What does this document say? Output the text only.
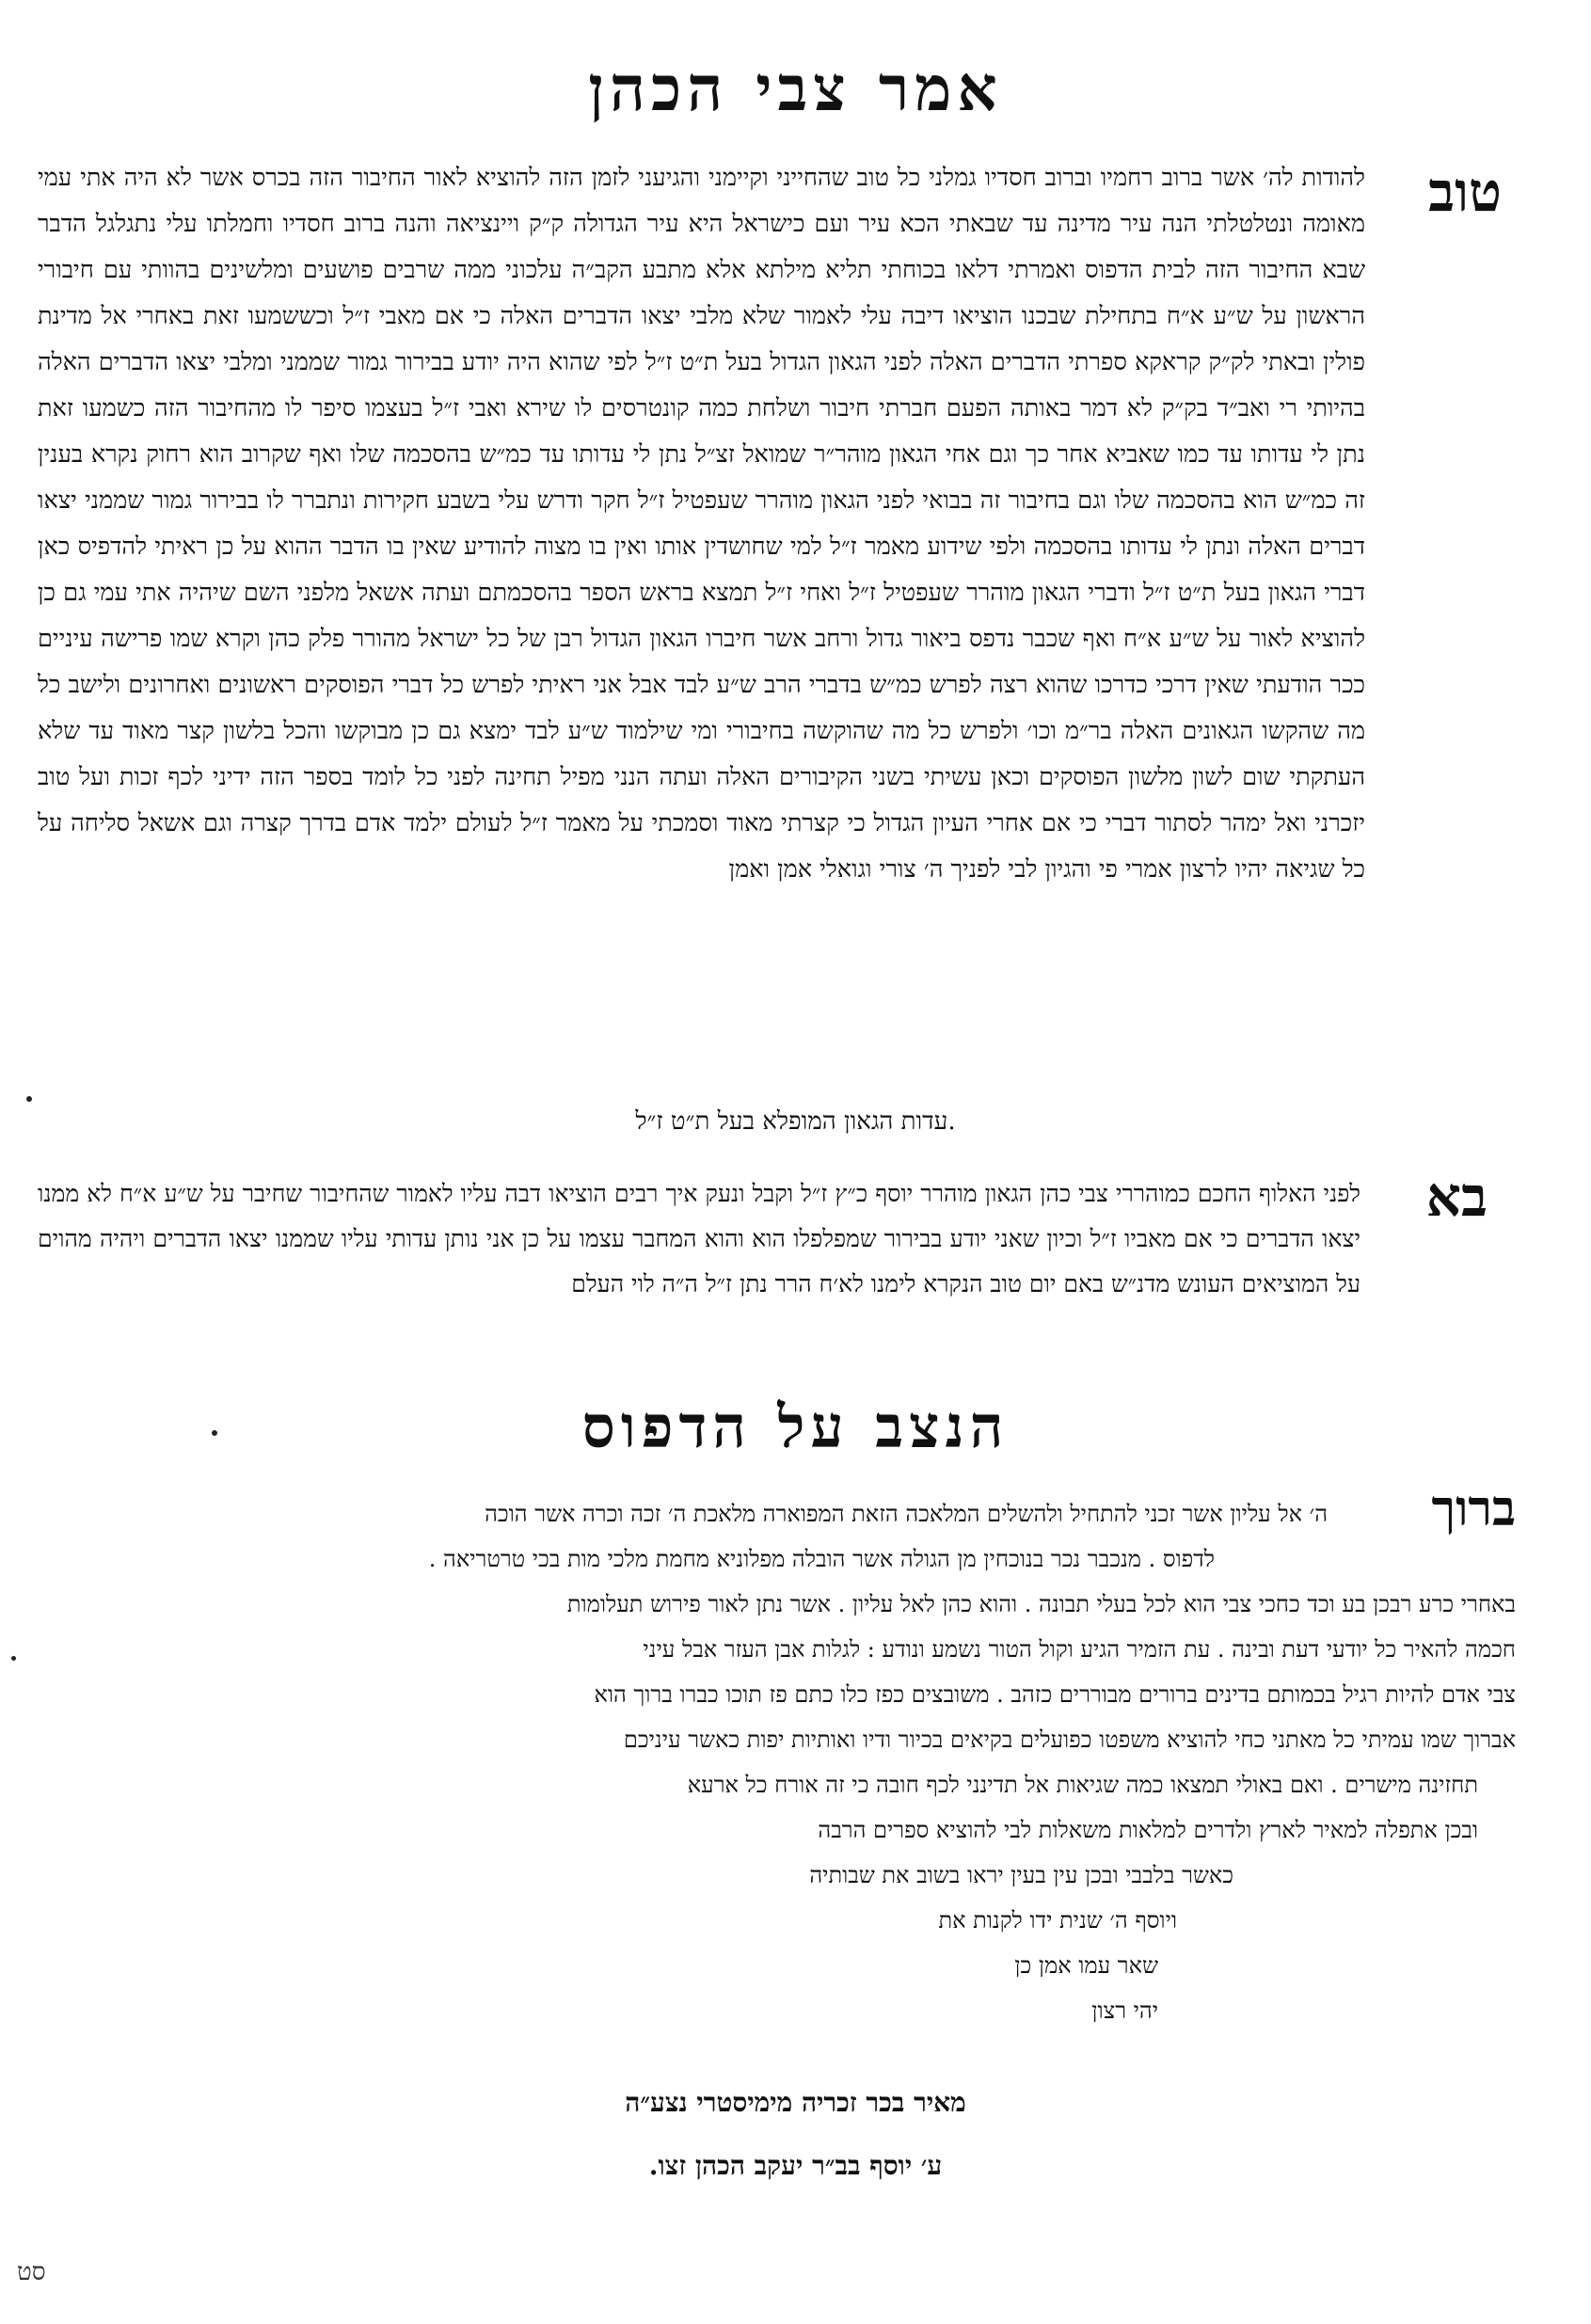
אמר צבי הכהן
טוב

להודות לה׳ אשר ברוב רחמיו וברוב חסדיו גמלני כל טוב שהחייני וקיימני והגיעני לזמן הזה להוציא לאור החיבור הזה בכרס אשר לא היה אתי עמי מאומה ונטלטלתי הנה עיר מדינה עד שבאתי הכא עיר ועם כישראל היא עיר הגדולה ק״ק ויינציאה והנה ברוב חסדיו וחמלתו עלי נתגלגל הדבר שבא החיבור הזה לבית הדפוס ואמרתי דלאו בכוחתי תליא מילתא אלא מתבע הקב״ה עלכוני ממה שרבים פושעים ומלשינים בהוותי עם חיבורי הראשון על ש״ע א״ח בתחילת שבכנו הוציאו דיבה עלי לאמור שלא מלבי יצאו הדברים האלה כי אם מאבי ז״ל וכששמעו זאת באחרי אל מדינת פולין ובאתי לק״ק קראקא ספרתי הדברים האלה לפני הגאון הגדול בעל ת״ט ז״ל לפי שהוא היה יודע בבירור גמור שממני ומלבי יצאו הדברים האלה בהיותי רי ואב״ד בק״ק לא דמר באותה הפעם חברתי חיבור ושלחת כמה קונטרסים לו שירא ואבי ז״ל בעצמו סיפר לו מהחיבור הזה כשמעו זאת נתן לי עדותו עד כמו שאביא אחר כך וגם אחי הגאון מוהר״ר שמואל זצ״ל נתן לי עדותו עד כמ״ש בהסכמה שלו ואף שקרוב הוא רחוק נקרא בענין זה כמ״ש הוא בהסכמה שלו וגם בחיבור זה בבואי לפני הגאון מוהרר שעפטיל ז״ל חקר ודרש עלי בשבע חקירות ונתברר לו בבירור גמור שממני יצאו דברים האלה ונתן לי עדותו בהסכמה ולפי שידוע מאמר ז״ל למי שחושדין אותו ואין בו מצוה להודיע שאין בו הדבר ההוא על כן ראיתי להדפיס כאן דברי הגאון בעל ת״ט ז״ל ודברי הגאון מוהרר שעפטיל ז״ל ואחי ז״ל תמצא בראש הספר בהסכמתם ועתה אשאל מלפני השם שיהיה אתי עמי גם כן להוציא לאור על ש״ע א״ח ואף שכבר נדפס ביאור גדול ורחב אשר חיברו הגאון הגדול רבן של כל ישראל מהורר פלק כהן וקרא שמו פרישה עיניים ככר הודעתי שאין דרכי כדרכו שהוא רצה לפרש כמ״ש בדברי הרב ש״ע לבד אבל אני ראיתי לפרש כל דברי הפוסקים ראשונים ואחרונים ולישב כל מה שהקשו הגאונים האלה בר״מ וכו׳ ולפרש כל מה שהוקשה בחיבורי ומי שילמוד ש״ע לבד ימצא גם כן מבוקשו והכל בלשון קצר מאוד עד שלא העתקתי שום לשון מלשון הפוסקים וכאן עשיתי בשני הקיבורים האלה ועתה הנני מפיל תחינה לפני כל לומד בספר הזה ידיני לכף זכות ועל טוב יזכרני ואל ימהר לסתור דברי כי אם אחרי העיון הגדול כי קצרתי מאוד וסמכתי על מאמר ז״ל לעולם ילמד אדם בדרך קצרה וגם אשאל סליחה על כל שגיאה יהיו לרצון אמרי פי והגיון לבי לפניך ה׳ צורי וגואלי אמן ואמן

עדות הגאון המופלא בעל ת״ט ז״ל.
בא

לפני האלוף החכם כמוהררי צבי כהן הגאון מוהרר יוסף כ״ץ ז״ל וקבל ונעק איך רבים הוציאו דבה עליו לאמור שהחיבור שחיבר על ש״ע א״ח לא ממנו יצאו הדברים כי אם מאביו ז״ל וכיון שאני יודע בבירור שמפלפלו הוא והוא המחבר עצמו על כן אני נותן עדותי עליו שממנו יצאו הדברים ויהיה מהוים על המוציאים העונש מדנ״ש באם יום טוב הנקרא לימנו לא׳ח הרר נתן ז״ל ה״ה לוי העלם

הנצב על הדפוס
ברוך
ה׳ אל עליון אשר זכני להתחיל ולהשלים המלאכה הזאת המפוארה מלאכת ה׳ זכה וכרה אשר הוכה
לדפוס . מנכבר נכר בנוכחין מן הגולה אשר הובלה מפלוניא מחמת מלכי מות בכי טרטריאה .
באחרי כרע רבכן בע וכד כחכי צבי הוא לכל בעלי תבונה . והוא כהן לאל עליון . אשר נתן לאור פירוש תעלומות
חכמה להאיר כל יודעי דעת ובינה . עת הזמיר הגיע וקול הטור נשמע ונודע : לגלות אבן העזר אבל עיני
צבי אדם להיות רגיל בכמותם בדינים ברורים מבוררים כזהב . משובצים כפז כלו כתם פז תוכו כברו ברוך הוא
אברוך שמו עמיתי כל מאתני כחי להוציא משפטו כפועלים בקיאים בכיור ודיו ואותיות יפות כאשר עיניכם
תחזינה מישרים . ואם באולי תמצאו כמה שגיאות אל תדינני לכף חובה כי זה אורח כל ארעא
ובכן אתפלה למאיר לארץ ולדרים למלאות משאלות לבי להוציא ספרים הרבה
כאשר בלבבי ובכן עין בעין יראו בשוב את שבותיה
ויוסף ה׳ שנית ידו לקנות את
שאר עמו אמן כן
יהי רצון
מאיר בכר זכריה מימיסטרי נצע״ה
ע׳ יוסף בב״ר יעקב הכהן זצו.
סט
